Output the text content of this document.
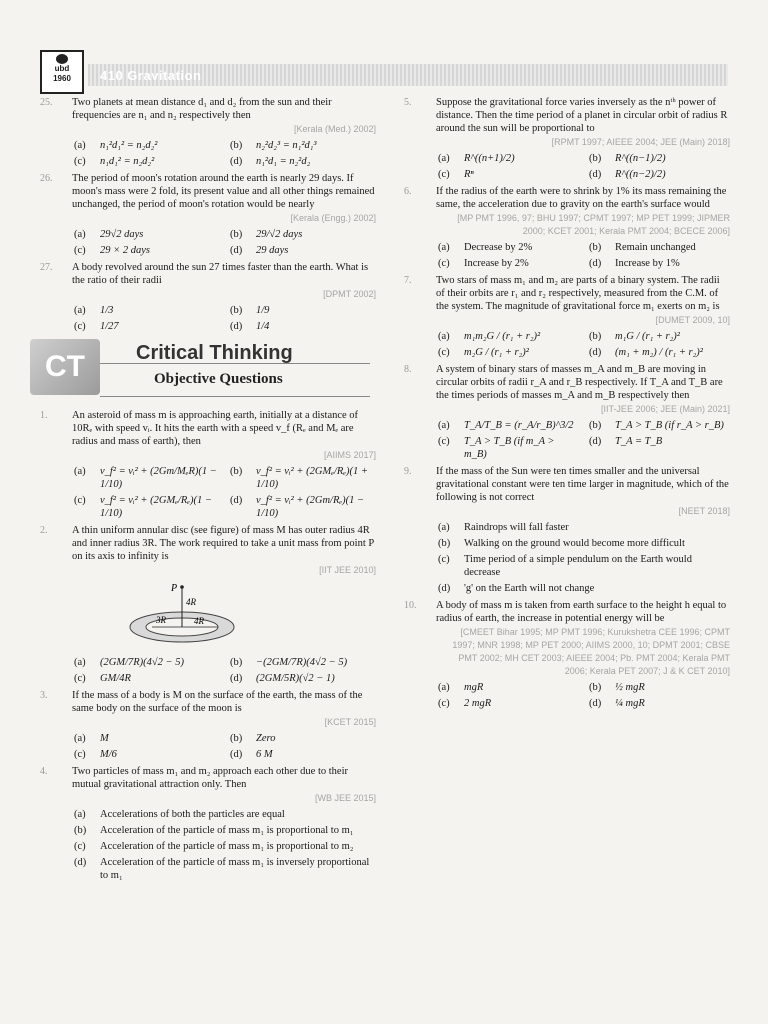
ubd
1960	410 Gravitation
25. Two planets at mean distance d₁ and d₂ from the sun and their frequencies are n₁ and n₂ respectively then
[Kerala (Med.) 2002]
(a)	n₁²d₁² = n₂d₂²	(b)	n₂²d₂³ = n₁²d₁³
(c)	n₁d₁² = n₂d₂²	(d)	n₁²d₁ = n₂²d₂
26. The period of moon's rotation around the earth is nearly 29 days. If moon's mass were 2 fold, its present value and all other things remained unchanged, the period of moon's rotation would be nearly
[Kerala (Engg.) 2002]
(a)	29√2 days	(b)	29/√2 days
(c)	29 × 2 days	(d)	29 days
27. A body revolved around the sun 27 times faster than the earth. What is the ratio of their radii
[DPMT 2002]
(a)	1/3	(b)	1/9
(c)	1/27	(d)	1/4
CT	Critical Thinking
Objective Questions
1. An asteroid of mass m is approaching earth, initially at a distance of 10Rₑ with speed vᵢ. It hits the earth with a speed v_f (Rₑ and Mₑ are radius and mass of earth), then
[AIIMS 2017]
(a)	v_f² = vᵢ² + (2Gm/MₑR)(1 − 1/10)
(b)	v_f² = vᵢ² + (2GMₑ/Rₑ)(1 + 1/10)
(c)	v_f² = vᵢ² + (2GMₑ/Rₑ)(1 − 1/10)
(d)	v_f² = vᵢ² + (2Gm/Rₑ)(1 − 1/10)
2. A thin uniform annular disc (see figure) of mass M has outer radius 4R and inner radius 3R. The work required to take a unit mass from point P on its axis to infinity is
[IIT JEE 2010]
P
4R
3R	4R
(a)	(2GM/7R)(4√2 − 5)	(b)	−(2GM/7R)(4√2 − 5)
(c)	GM/4R	(d)	(2GM/5R)(√2 − 1)
3. If the mass of a body is M on the surface of the earth, the mass of the same body on the surface of the moon is
[KCET 2015]
(a)	M	(b)	Zero
(c)	M/6	(d)	6 M
4. Two particles of mass m₁ and m₂ approach each other due to their mutual gravitational attraction only. Then
[WB JEE 2015]
(a)	Accelerations of both the particles are equal
(b)	Acceleration of the particle of mass m₁ is proportional to m₁
(c)	Acceleration of the particle of mass m₁ is proportional to m₂
(d)	Acceleration of the particle of mass m₁ is inversely proportional to m₁
5. Suppose the gravitational force varies inversely as the nᵗʰ power of distance. Then the time period of a planet in circular orbit of radius R around the sun will be proportional to
[RPMT 1997; AIEEE 2004; JEE (Main) 2018]
(a)	R^((n+1)/2)	(b)	R^((n−1)/2)
(c)	Rⁿ	(d)	R^((n−2)/2)
6. If the radius of the earth were to shrink by 1% its mass remaining the same, the acceleration due to gravity on the earth's surface would
[MP PMT 1996, 97; BHU 1997; CPMT 1997; MP PET 1999; JIPMER 2000; KCET 2001; Kerala PMT 2004; BCECE 2006]
(a)	Decrease by 2%	(b)	Remain unchanged
(c)	Increase by 2%	(d)	Increase by 1%
7. Two stars of mass m₁ and m₂ are parts of a binary system. The radii of their orbits are r₁ and r₂ respectively, measured from the C.M. of the system. The magnitude of gravitational force m₁ exerts on m₂ is
[DUMET 2009, 10]
(a)	m₁m₂G / (r₁ + r₂)²	(b)	m₁G / (r₁ + r₂)²
(c)	m₂G / (r₁ + r₂)²	(d)	(m₁ + m₂) / (r₁ + r₂)²
8. A system of binary stars of masses m_A and m_B are moving in circular orbits of radii r_A and r_B respectively. If T_A and T_B are the times periods of masses m_A and m_B respectively then
[IIT-JEE 2006; JEE (Main) 2021]
(a)	T_A/T_B = (r_A/r_B)^3/2 (b)	T_A > T_B (if r_A > r_B)
(c)	T_A > T_B (if m_A > m_B)
(d)	T_A = T_B
9. If the mass of the Sun were ten times smaller and the universal gravitational constant were ten time larger in magnitude, which of the following is not correct
[NEET 2018]
(a)	Raindrops will fall faster
(b)	Walking on the ground would become more difficult
(c)	Time period of a simple pendulum on the Earth would decrease
(d)	'g' on the Earth will not change
10. A body of mass m is taken from earth surface to the height h equal to radius of earth, the increase in potential energy will be
[CMEET Bihar 1995; MP PMT 1996; Kurukshetra CEE 1996; CPMT 1997; MNR 1998; MP PET 2000; AIIMS 2000, 10; DPMT 2001; CBSE PMT 2002; MH CET 2003; AIEEE 2004; Pb. PMT 2004; Kerala PMT 2006; Kerala PET 2007; J & K CET 2010]
(a)	mgR	(b)	½ mgR
(c)	2 mgR	(d)	¼ mgR
